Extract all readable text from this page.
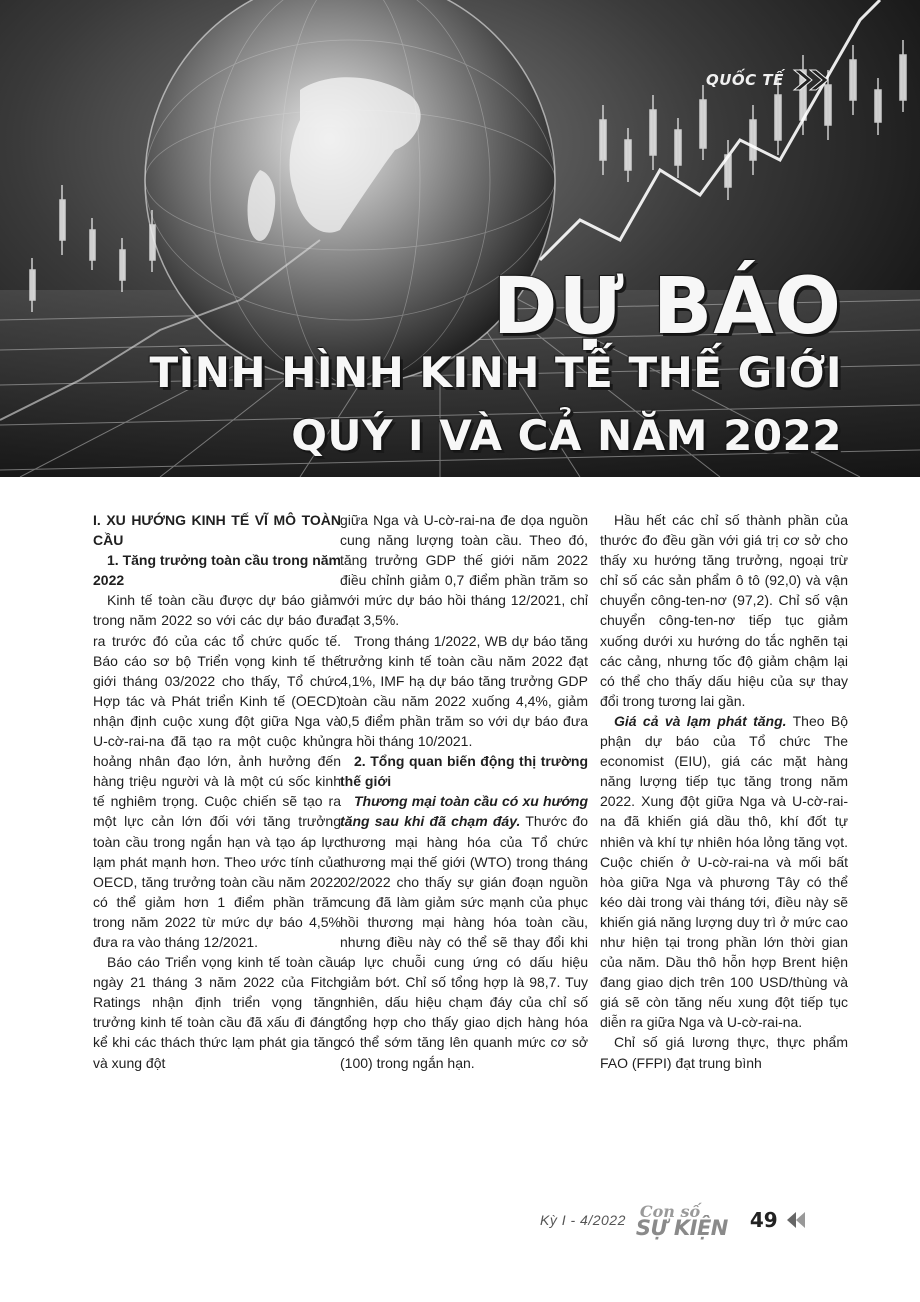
QUỐC TẾ
DỰ BÁO
TÌNH HÌNH KINH TẾ THẾ GIỚI
QUÝ I VÀ CẢ NĂM 2022

I. XU HƯỚNG KINH TẾ VĨ MÔ TOÀN CẦU

1. Tăng trưởng toàn cầu trong năm 2022

Kinh tế toàn cầu được dự báo giảm trong năm 2022 so với các dự báo đưa ra trước đó của các tổ chức quốc tế. Báo cáo sơ bộ Triển vọng kinh tế thế giới tháng 03/2022 cho thấy, Tổ chức Hợp tác và Phát triển Kinh tế (OECD) nhận định cuộc xung đột giữa Nga và U-cờ-rai-na đã tạo ra một cuộc khủng hoảng nhân đạo lớn, ảnh hưởng đến hàng triệu người và là một cú sốc kinh tế nghiêm trọng. Cuộc chiến sẽ tạo ra một lực cản lớn đối với tăng trưởng toàn cầu trong ngắn hạn và tạo áp lực lạm phát mạnh hơn. Theo ước tính của OECD, tăng trưởng toàn cầu năm 2022 có thể giảm hơn 1 điểm phần trăm trong năm 2022 từ mức dự báo 4,5% đưa ra vào tháng 12/2021.

Báo cáo Triển vọng kinh tế toàn cầu ngày 21 tháng 3 năm 2022 của Fitch Ratings nhận định triển vọng tăng trưởng kinh tế toàn cầu đã xấu đi đáng kể khi các thách thức lạm phát gia tăng và xung đột

giữa Nga và U-cờ-rai-na đe dọa nguồn cung năng lượng toàn cầu. Theo đó, tăng trưởng GDP thế giới năm 2022 điều chỉnh giảm 0,7 điểm phần trăm so với mức dự báo hồi tháng 12/2021, chỉ đạt 3,5%.

Trong tháng 1/2022, WB dự báo tăng trưởng kinh tế toàn cầu năm 2022 đạt 4,1%, IMF hạ dự báo tăng trưởng GDP toàn cầu năm 2022 xuống 4,4%, giảm 0,5 điểm phần trăm so với dự báo đưa ra hồi tháng 10/2021.

2. Tổng quan biến động thị trường thế giới

Thương mại toàn cầu có xu hướng tăng sau khi đã chạm đáy. Thước đo thương mại hàng hóa của Tổ chức thương mại thế giới (WTO) trong tháng 02/2022 cho thấy sự gián đoạn nguồn cung đã làm giảm sức mạnh của phục hồi thương mại hàng hóa toàn cầu, nhưng điều này có thể sẽ thay đổi khi áp lực chuỗi cung ứng có dấu hiệu giảm bớt. Chỉ số tổng hợp là 98,7. Tuy nhiên, dấu hiệu chạm đáy của chỉ số tổng hợp cho thấy giao dịch hàng hóa có thể sớm tăng lên quanh mức cơ sở (100) trong ngắn hạn.

Hầu hết các chỉ số thành phần của thước đo đều gần với giá trị cơ sở cho thấy xu hướng tăng trưởng, ngoại trừ chỉ số các sản phẩm ô tô (92,0) và vận chuyển công-ten-nơ (97,2). Chỉ số vận chuyển công-ten-nơ tiếp tục giảm xuống dưới xu hướng do tắc nghẽn tại các cảng, nhưng tốc độ giảm chậm lại có thể cho thấy dấu hiệu của sự thay đổi trong tương lai gần.

Giá cả và lạm phát tăng. Theo Bộ phận dự báo của Tổ chức The economist (EIU), giá các mặt hàng năng lượng tiếp tục tăng trong năm 2022. Xung đột giữa Nga và U-cờ-rai-na đã khiến giá dầu thô, khí đốt tự nhiên và khí tự nhiên hóa lỏng tăng vọt. Cuộc chiến ở U-cờ-rai-na và mối bất hòa giữa Nga và phương Tây có thể kéo dài trong vài tháng tới, điều này sẽ khiến giá năng lượng duy trì ở mức cao như hiện tại trong phần lớn thời gian của năm. Dầu thô hỗn hợp Brent hiện đang giao dịch trên 100 USD/thùng và giá sẽ còn tăng nếu xung đột tiếp tục diễn ra giữa Nga và U-cờ-rai-na.

Chỉ số giá lương thực, thực phẩm FAO (FFPI) đạt trung bình

Kỳ I - 4/2022 Con số
SỰ KIỆN 49
